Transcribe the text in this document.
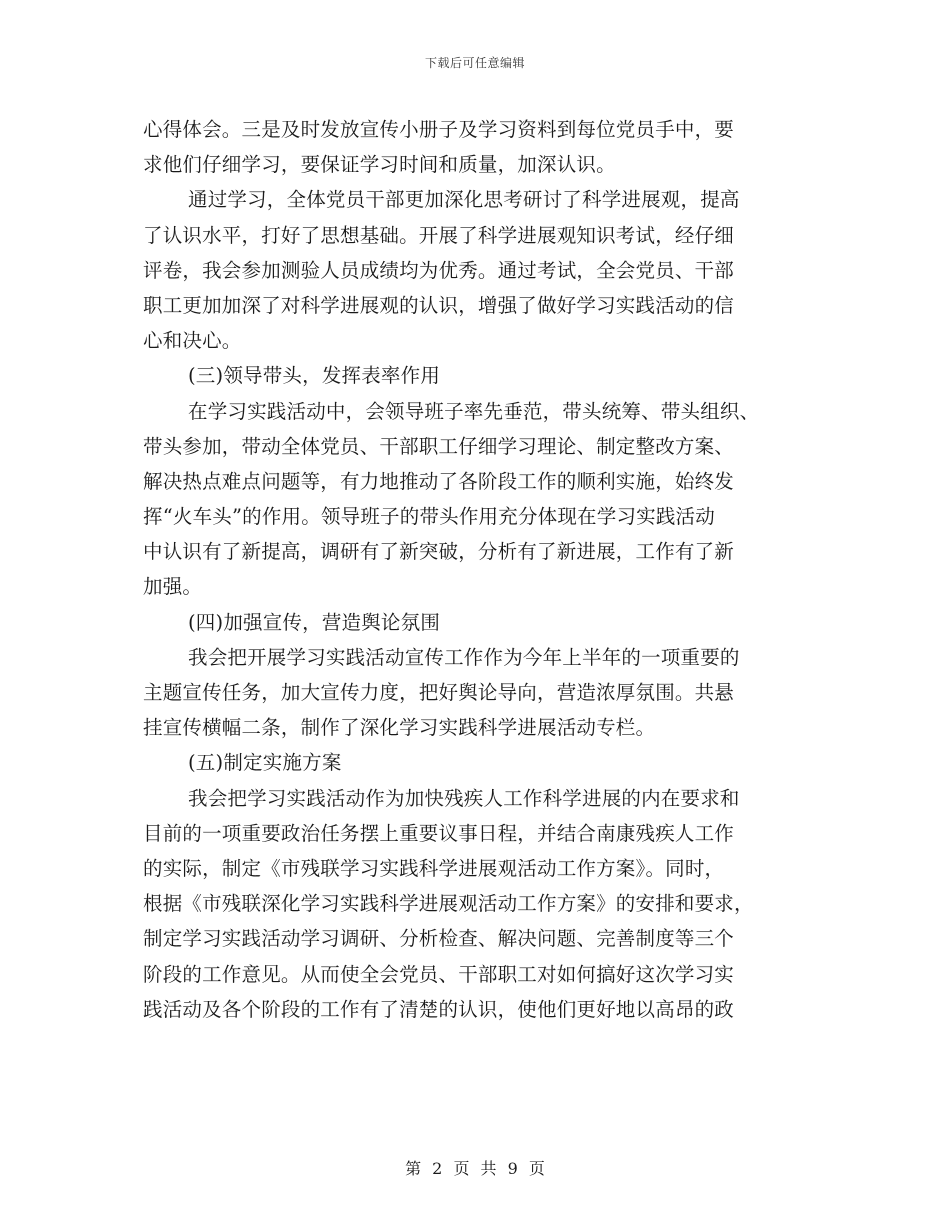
下载后可任意编辑
心得体会。三是及时发放宣传小册子及学习资料到每位党员手中，要
求他们仔细学习，要保证学习时间和质量，加深认识。
通过学习，全体党员干部更加深化思考研讨了科学进展观，提高
了认识水平，打好了思想基础。开展了科学进展观知识考试，经仔细
评卷，我会参加测验人员成绩均为优秀。通过考试，全会党员、干部
职工更加加深了对科学进展观的认识，增强了做好学习实践活动的信
心和决心。
(三)领导带头，发挥表率作用
在学习实践活动中，会领导班子率先垂范，带头统筹、带头组织、
带头参加，带动全体党员、干部职工仔细学习理论、制定整改方案、
解决热点难点问题等，有力地推动了各阶段工作的顺利实施，始终发
挥“火车头”的作用。领导班子的带头作用充分体现在学习实践活动
中认识有了新提高，调研有了新突破，分析有了新进展，工作有了新
加强。
(四)加强宣传，营造舆论氛围
我会把开展学习实践活动宣传工作作为今年上半年的一项重要的
主题宣传任务，加大宣传力度，把好舆论导向，营造浓厚氛围。共悬
挂宣传横幅二条，制作了深化学习实践科学进展活动专栏。
(五)制定实施方案
我会把学习实践活动作为加快残疾人工作科学进展的内在要求和
目前的一项重要政治任务摆上重要议事日程，并结合南康残疾人工作
的实际，制定《市残联学习实践科学进展观活动工作方案》。同时，
根据《市残联深化学习实践科学进展观活动工作方案》的安排和要求，
制定学习实践活动学习调研、分析检查、解决问题、完善制度等三个
阶段的工作意见。从而使全会党员、干部职工对如何搞好这次学习实
践活动及各个阶段的工作有了清楚的认识，使他们更好地以高昂的政
第 2 页 共 9 页
